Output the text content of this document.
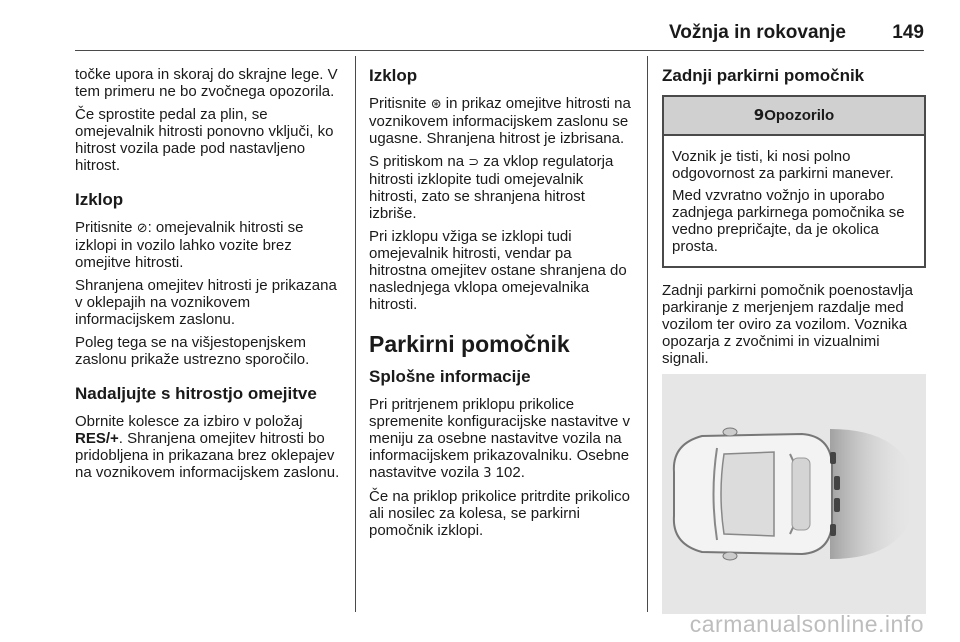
Vožnja in rokovanje 149

točke upora in skoraj do skrajne lege. V tem primeru ne bo zvočnega opozorila.

Če sprostite pedal za plin, se omejevalnik hitrosti ponovno vključi, ko hitrost vozila pade pod nastavljeno hitrost.

Izklop

Pritisnite ⊘: omejevalnik hitrosti se izklopi in vozilo lahko vozite brez omejitve hitrosti.

Shranjena omejitev hitrosti je prikazana v oklepajih na voznikovem informacijskem zaslonu.

Poleg tega se na višjestopenjskem zaslonu prikaže ustrezno sporočilo.

Nadaljujte s hitrostjo omejitve

Obrnite kolesce za izbiro v položaj RES/+. Shranjena omejitev hitrosti bo pridobljena in prikazana brez oklepajev na voznikovem informacijskem zaslonu.

Izklop

Pritisnite ⊛ in prikaz omejitve hitrosti na voznikovem informacijskem zaslonu se ugasne. Shranjena hitrost je izbrisana.

S pritiskom na ⊃ za vklop regulatorja hitrosti izklopite tudi omejevalnik hitrosti, zato se shranjena hitrost izbriše.

Pri izklopu vžiga se izklopi tudi omejevalnik hitrosti, vendar pa hitrostna omejitev ostane shranjena do naslednjega vklopa omejevalnika hitrosti.

Parkirni pomočnik
Splošne informacije

Pri pritrjenem priklopu prikolice spremenite konfiguracijske nastavitve v meniju za osebne nastavitve vozila na informacijskem prikazovalniku. Osebne nastavitve vozila 3 102.

Če na priklop prikolice pritrdite prikolico ali nosilec za kolesa, se parkirni pomočnik izklopi.

Zadnji parkirni pomočnik
9Opozorilo

Voznik je tisti, ki nosi polno odgovornost za parkirni manever.

Med vzvratno vožnjo in uporabo zadnjega parkirnega pomočnika se vedno prepričajte, da je okolica prosta.

Zadnji parkirni pomočnik poenostavlja parkiranje z merjenjem razdalje med vozilom ter oviro za vozilom. Voznika opozarja z zvočnimi in vizualnimi signali.

carmanualsonline.info
